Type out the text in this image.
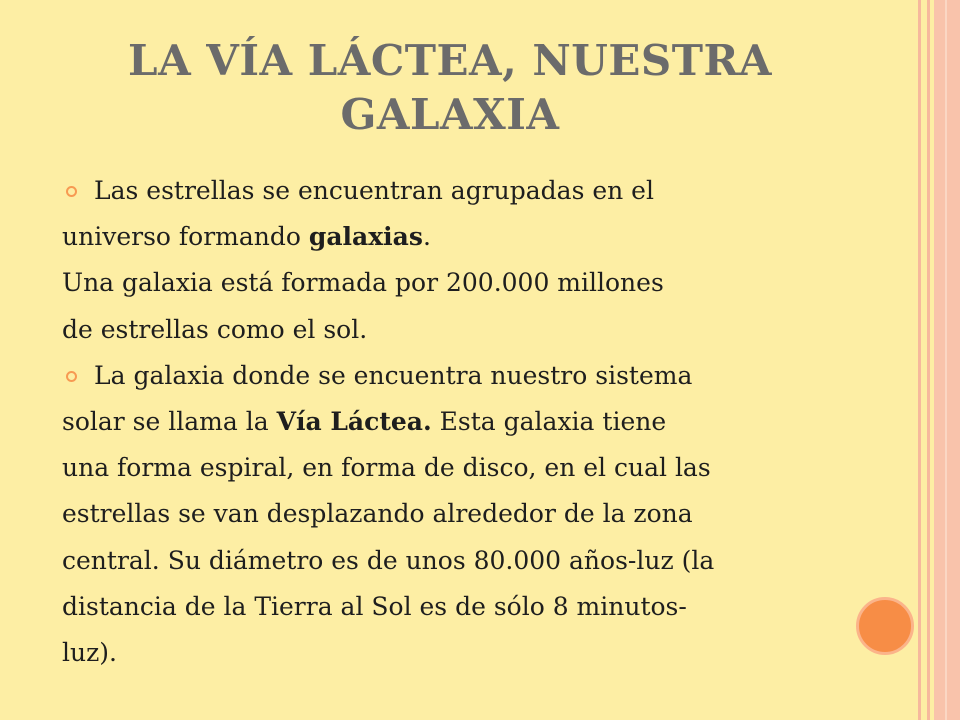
LA VÍA LÁCTEA, NUESTRA GALAXIA
Las estrellas se encuentran agrupadas en el
universo formando galaxias.
Una galaxia está formada por 200.000 millones
de estrellas como el sol.
La galaxia donde se encuentra nuestro sistema
solar se llama la Vía Láctea. Esta galaxia tiene
una forma espiral, en forma de disco, en el cual las
estrellas se van desplazando alrededor de la zona
central. Su diámetro es de unos 80.000 años-luz (la
distancia de la Tierra al Sol es de sólo 8 minutos-
luz).
